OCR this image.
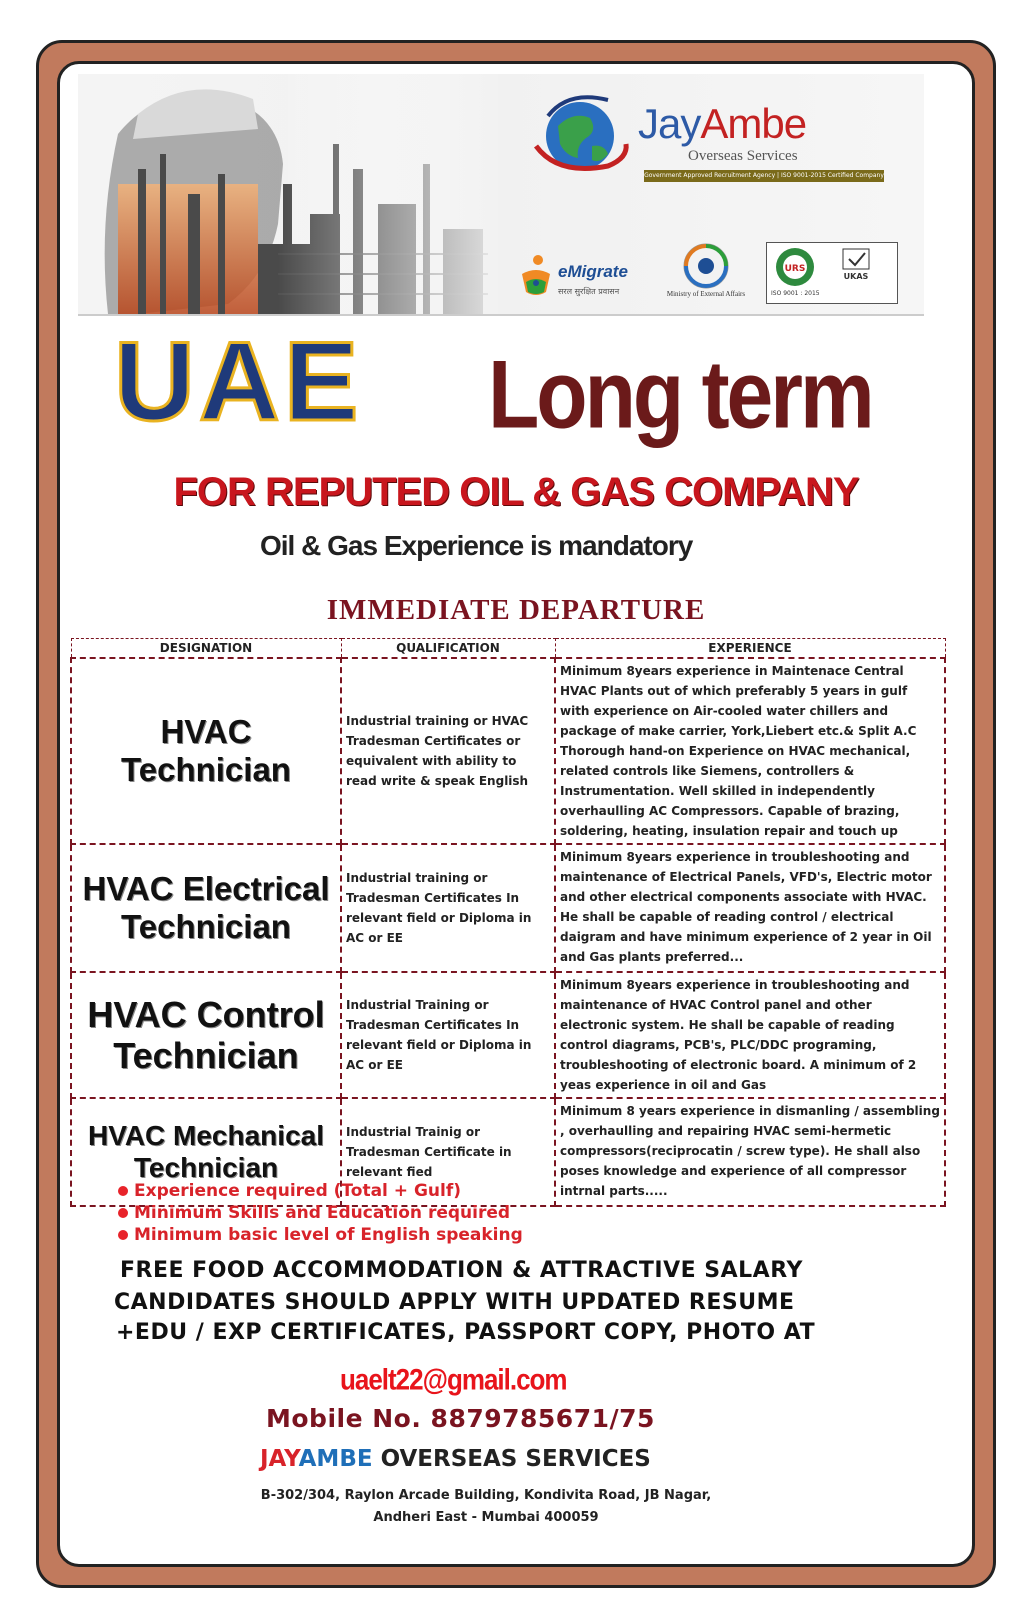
JayAmbe
Overseas Services
Government Approved Recruitment Agency | ISO 9001-2015 Certified Company
eMigrate
सरल सुरक्षित प्रवासन	Ministry of External Affairs
URS
UKAS
ISO 9001 : 2015
UAE Long term
FOR REPUTED OIL & GAS COMPANY
Oil & Gas Experience is mandatory
IMMEDIATE DEPARTURE
DESIGNATION	QUALIFICATION	EXPERIENCE
HVAC Technician	Industrial training or HVAC Tradesman Certificates or equivalent with ability to read write & speak English	Minimum 8years experience in Maintenace Central HVAC Plants out of which preferably 5 years in gulf with experience on Air-cooled water chillers and package of make carrier, York,Liebert etc.& Split A.C Thorough hand-on Experience on HVAC mechanical, related controls like Siemens, controllers & Instrumentation. Well skilled in independently overhaulling AC Compressors. Capable of brazing, soldering, heating, insulation repair and touch up
HVAC Electrical Technician	Industrial training or Tradesman Certificates In relevant field or Diploma in AC or EE	Minimum 8years experience in troubleshooting and maintenance of Electrical Panels, VFD's, Electric motor and other electrical components associate with HVAC. He shall be capable of reading control / electrical daigram and have minimum experience of 2 year in Oil and Gas plants preferred...
HVAC Control Technician	Industrial Training or Tradesman Certificates In relevant field or Diploma in AC or EE	Minimum 8years experience in troubleshooting and maintenance of HVAC Control panel and other electronic system. He shall be capable of reading control diagrams, PCB's, PLC/DDC programing, troubleshooting of electronic board. A minimum of 2 yeas experience in oil and Gas
HVAC Mechanical Technician	Industrial Trainig or Tradesman Certificate in relevant fied	Minimum 8 years experience in dismanling / assembling , overhaulling and repairing HVAC semi-hermetic compressors(reciprocatin / screw type). He shall also poses knowledge and experience of all compressor intrnal parts.....
Experience required (Total + Gulf)
Minimum Skills and Education required
Minimum basic level of English speaking
FREE FOOD ACCOMMODATION & ATTRACTIVE SALARY
CANDIDATES SHOULD APPLY WITH UPDATED RESUME
+EDU / EXP CERTIFICATES, PASSPORT COPY, PHOTO AT
uaelt22@gmail.com
Mobile No. 8879785671/75
JAYAMBE OVERSEAS SERVICES
B-302/304, Raylon Arcade Building, Kondivita Road, JB Nagar,
Andheri East - Mumbai 400059
